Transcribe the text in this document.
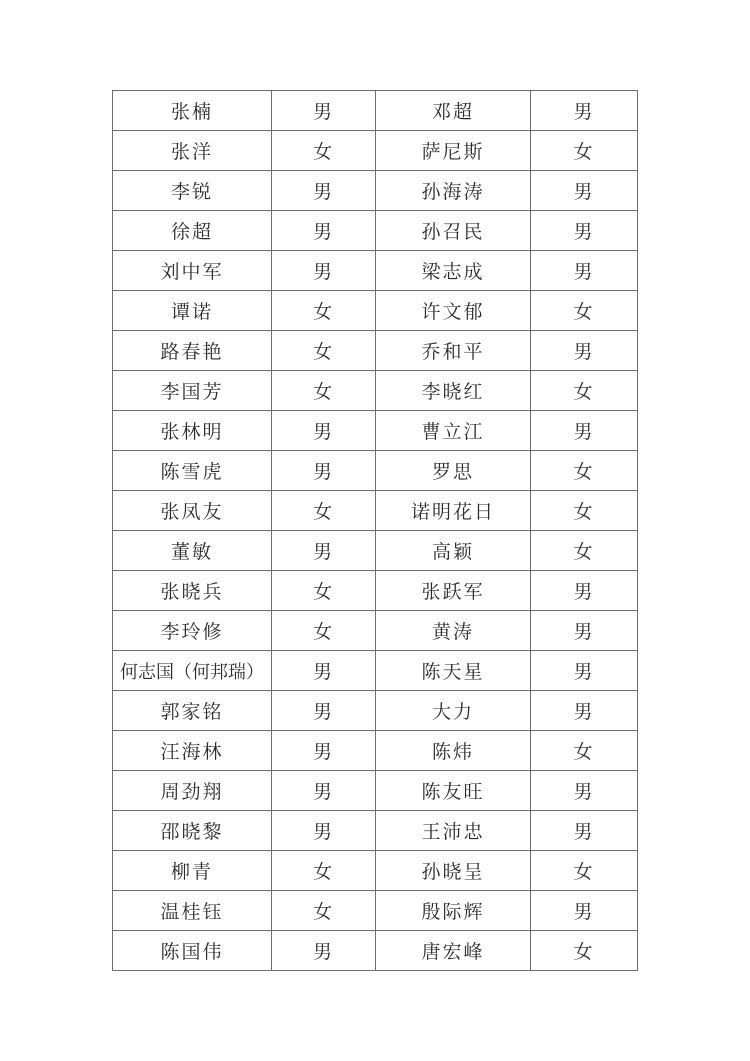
张楠	男	邓超	男
张洋	女	萨尼斯	女
李锐	男	孙海涛	男
徐超	男	孙召民	男
刘中军	男	梁志成	男
谭诺	女	许文郁	女
路春艳	女	乔和平	男
李国芳	女	李晓红	女
张林明	男	曹立江	男
陈雪虎	男	罗思	女
张凤友	女	诺明花日	女
董敏	男	高颖	女
张晓兵	女	张跃军	男
李玲修	女	黄涛	男
何志国（何邦瑞）	男	陈天星	男
郭家铭	男	大力	男
汪海林	男	陈炜	女
周劲翔	男	陈友旺	男
邵晓黎	男	王沛忠	男
柳青	女	孙晓呈	女
温桂钰	女	殷际辉	男
陈国伟	男	唐宏峰	女
